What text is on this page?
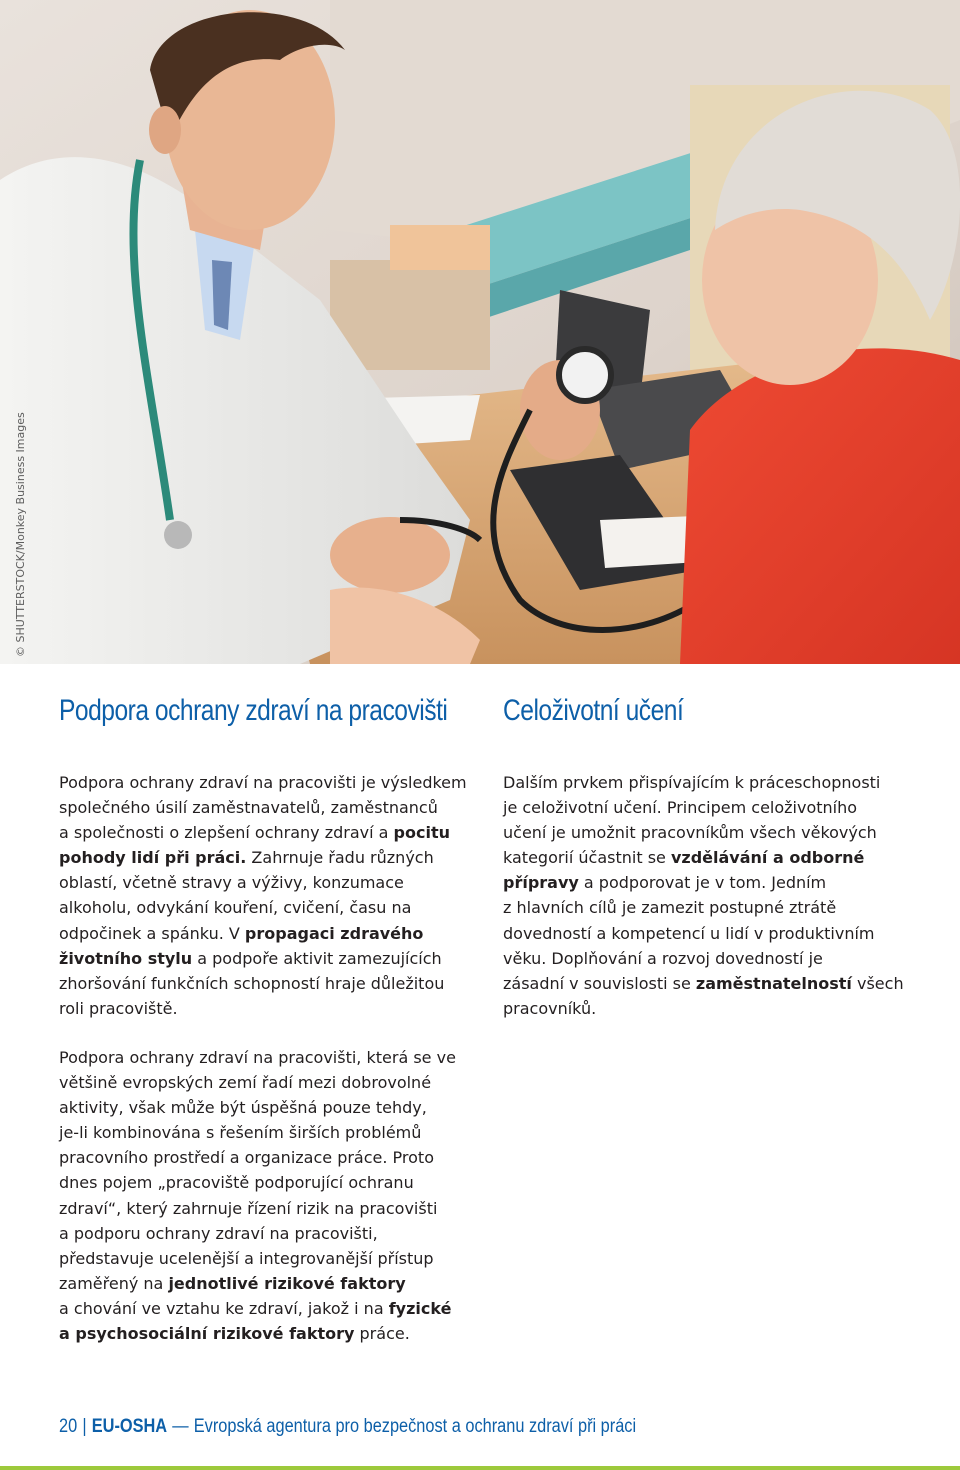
© SHUTTERSTOCK/Monkey Business Images
Podpora ochrany zdraví na pracovišti

Podpora ochrany zdraví na pracovišti je výsledkem
společného úsilí zaměstnavatelů, zaměstnanců
a společnosti o zlepšení ochrany zdraví a pocitu
pohody lidí při práci. Zahrnuje řadu různých
oblastí, včetně stravy a výživy, konzumace
alkoholu, odvykání kouření, cvičení, času na
odpočinek a spánku. V propagaci zdravého
životního stylu a podpoře aktivit zamezujících
zhoršování funkčních schopností hraje důležitou
roli pracoviště.

Podpora ochrany zdraví na pracovišti, která se ve
většině evropských zemí řadí mezi dobrovolné
aktivity, však může být úspěšná pouze tehdy,
je-li kombinována s řešením širších problémů
pracovního prostředí a organizace práce. Proto
dnes pojem „pracoviště podporující ochranu
zdraví“, který zahrnuje řízení rizik na pracovišti
a podporu ochrany zdraví na pracovišti,
představuje ucelenější a integrovanější přístup
zaměřený na jednotlivé rizikové faktory
a chování ve vztahu ke zdraví, jakož i na fyzické
a psychosociální rizikové faktory práce.

Celoživotní učení

Dalším prvkem přispívajícím k práceschopnosti
je celoživotní učení. Principem celoživotního
učení je umožnit pracovníkům všech věkových
kategorií účastnit se vzdělávání a odborné
přípravy a podporovat je v tom. Jedním
z hlavních cílů je zamezit postupné ztrátě
dovedností a kompetencí u lidí v produktivním
věku. Doplňování a rozvoj dovedností je
zásadní v souvislosti se zaměstnatelností všech
pracovníků.

20 | EU-OSHA — Evropská agentura pro bezpečnost a ochranu zdraví při práci
